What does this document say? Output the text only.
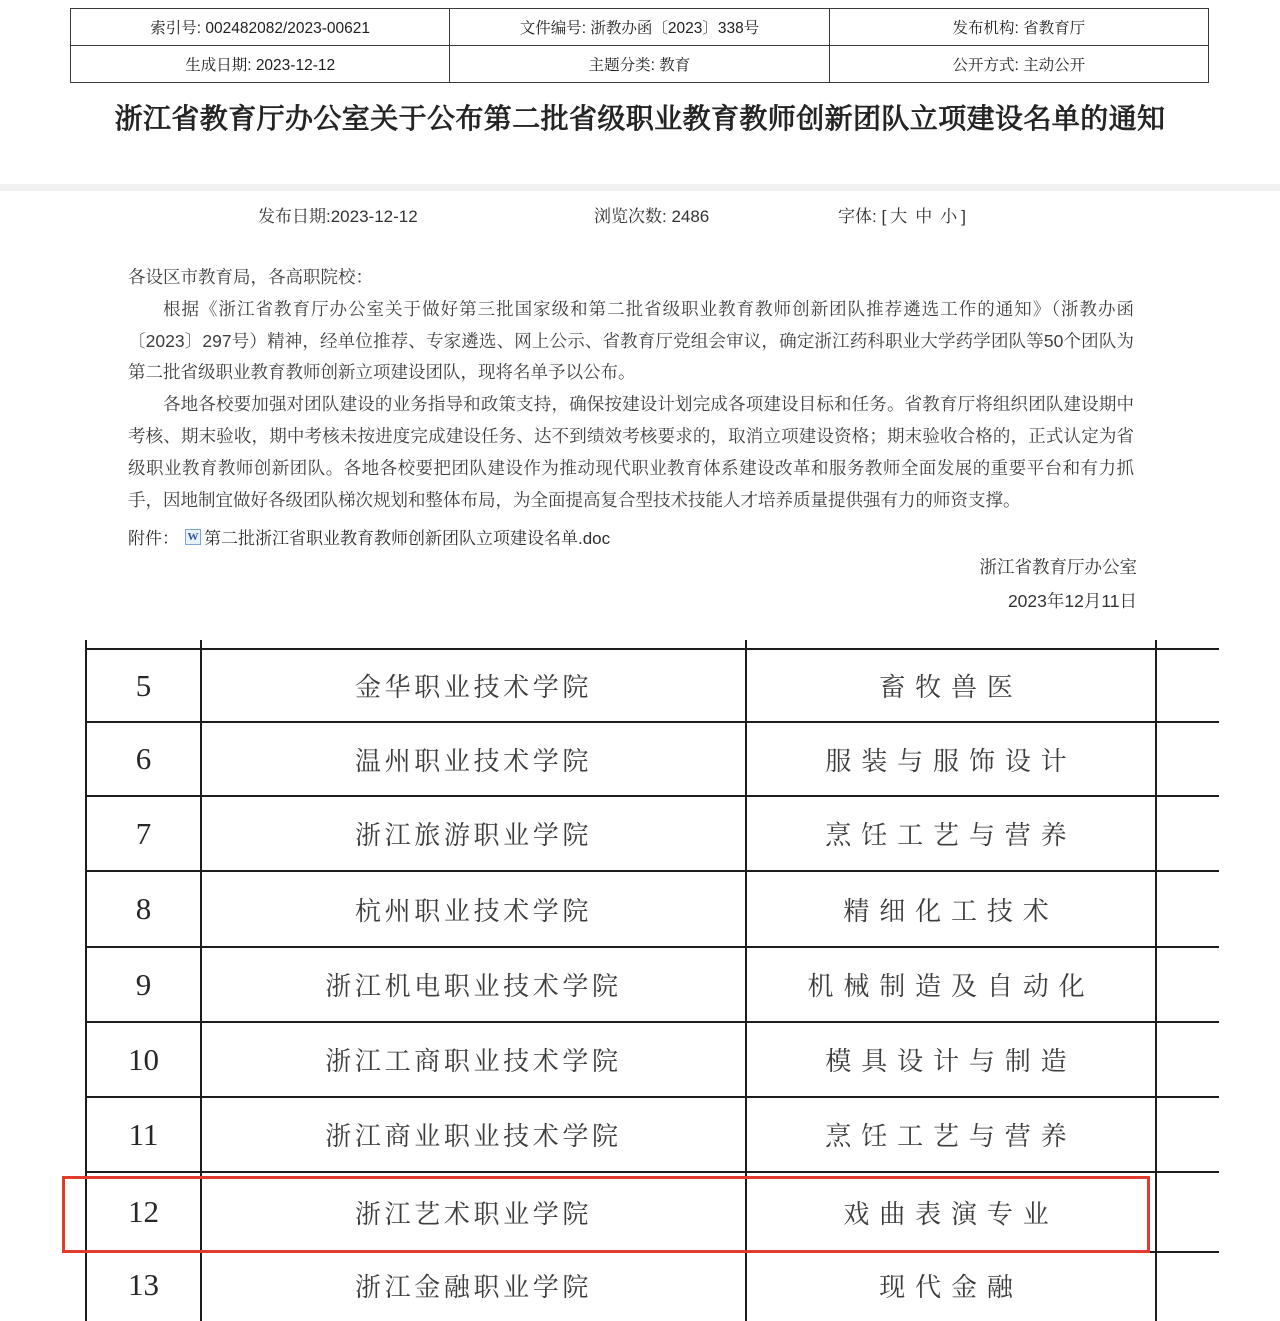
索引号: 002482082/2023-00621	文件编号: 浙教办函〔2023〕338号	发布机构: 省教育厅
生成日期: 2023-12-12	主题分类: 教育	公开方式: 主动公开
浙江省教育厅办公室关于公布第二批省级职业教育教师创新团队立项建设名单的通知
发布日期:2023-12-12	浏览次数: 2486	字体: [ 大 中 小 ]

各设区市教育局，各高职院校：

根据《浙江省教育厅办公室关于做好第三批国家级和第二批省级职业教育教师创新团队推荐遴选工作的通知》（浙教办函〔2023〕297号）精神，经单位推荐、专家遴选、网上公示、省教育厅党组会审议，确定浙江药科职业大学药学团队等50个团队为第二批省级职业教育教师创新立项建设团队，现将名单予以公布。

各地各校要加强对团队建设的业务指导和政策支持，确保按建设计划完成各项建设目标和任务。省教育厅将组织团队建设期中考核、期末验收，期中考核未按进度完成建设任务、达不到绩效考核要求的，取消立项建设资格；期末验收合格的，正式认定为省级职业教育教师创新团队。各地各校要把团队建设作为推动现代职业教育体系建设改革和服务教师全面发展的重要平台和有力抓手，因地制宜做好各级团队梯次规划和整体布局，为全面提高复合型技术技能人才培养质量提供强有力的师资支撑。

附件： W 第二批浙江省职业教育教师创新团队立项建设名单.doc
浙江省教育厅办公室
2023年12月11日
5	金华职业技术学院	畜牧兽医
6	温州职业技术学院	服装与服饰设计
7	浙江旅游职业学院	烹饪工艺与营养
8	杭州职业技术学院	精细化工技术
9	浙江机电职业技术学院	机械制造及自动化
10	浙江工商职业技术学院	模具设计与制造
11	浙江商业职业技术学院	烹饪工艺与营养
12	浙江艺术职业学院	戏曲表演专业
13	浙江金融职业学院	现代金融
